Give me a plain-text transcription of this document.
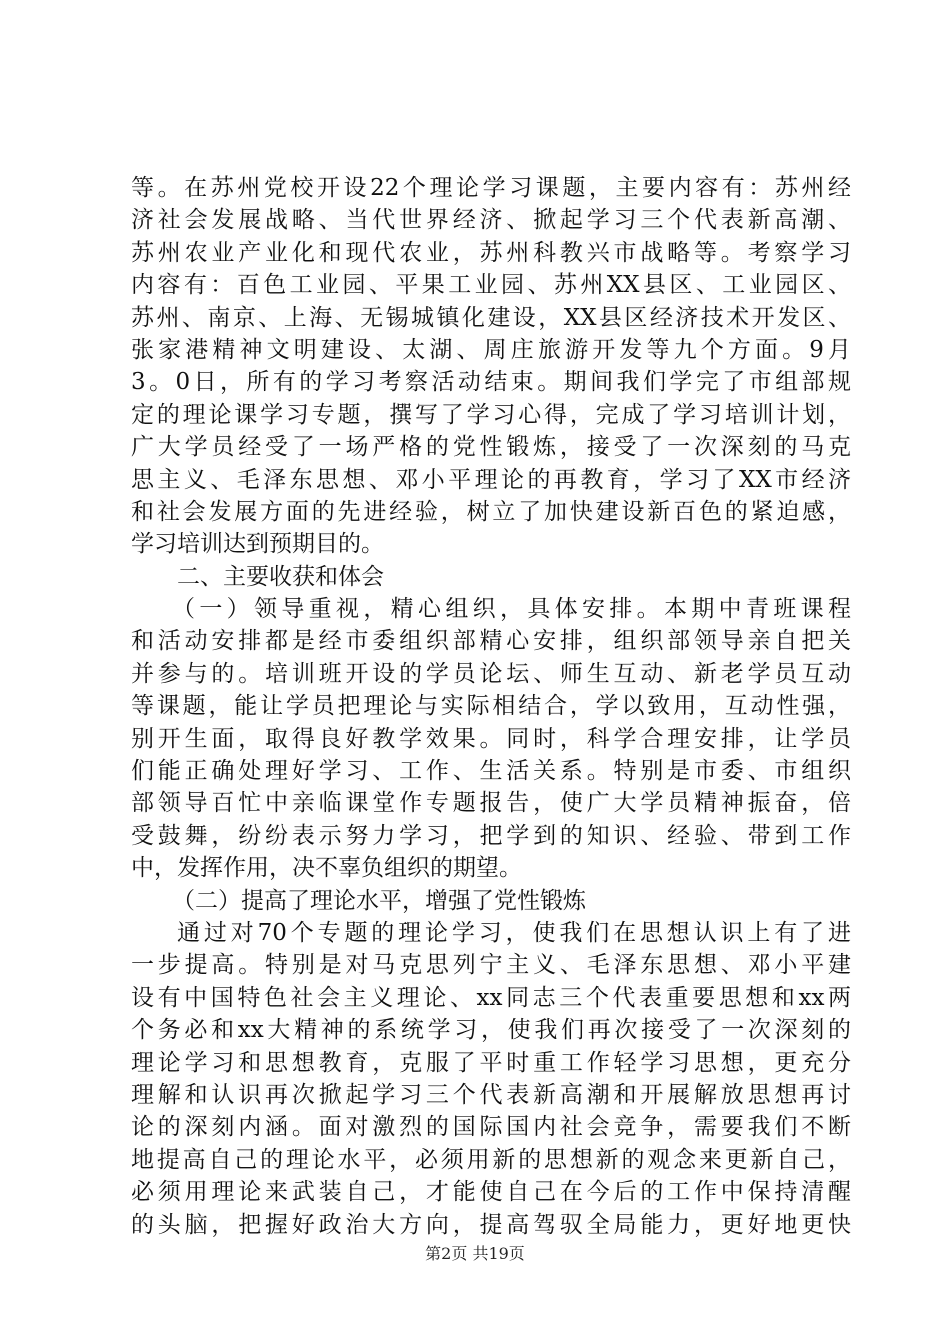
等。在苏州党校开设22个理论学习课题，主要内容有：苏州经
济社会发展战略、当代世界经济、掀起学习三个代表新高潮、
苏州农业产业化和现代农业，苏州科教兴市战略等。考察学习
内容有：百色工业园、平果工业园、苏州XX县区、工业园区、
苏州、南京、上海、无锡城镇化建设，XX县区经济技术开发区、
张家港精神文明建设、太湖、周庄旅游开发等九个方面。9月
3。0日，所有的学习考察活动结束。期间我们学完了市组部规
定的理论课学习专题，撰写了学习心得，完成了学习培训计划，
广大学员经受了一场严格的党性锻炼，接受了一次深刻的马克
思主义、毛泽东思想、邓小平理论的再教育，学习了XX市经济
和社会发展方面的先进经验，树立了加快建设新百色的紧迫感，
学习培训达到预期目的。
二、主要收获和体会
（一）领导重视，精心组织，具体安排。本期中青班课程
和活动安排都是经市委组织部精心安排，组织部领导亲自把关
并参与的。培训班开设的学员论坛、师生互动、新老学员互动
等课题，能让学员把理论与实际相结合，学以致用，互动性强，
别开生面，取得良好教学效果。同时，科学合理安排，让学员
们能正确处理好学习、工作、生活关系。特别是市委、市组织
部领导百忙中亲临课堂作专题报告，使广大学员精神振奋，倍
受鼓舞，纷纷表示努力学习，把学到的知识、经验、带到工作
中，发挥作用，决不辜负组织的期望。
（二）提高了理论水平，增强了党性锻炼
通过对70个专题的理论学习，使我们在思想认识上有了进
一步提高。特别是对马克思列宁主义、毛泽东思想、邓小平建
设有中国特色社会主义理论、xx同志三个代表重要思想和xx两
个务必和xx大精神的系统学习，使我们再次接受了一次深刻的
理论学习和思想教育，克服了平时重工作轻学习思想，更充分
理解和认识再次掀起学习三个代表新高潮和开展解放思想再讨
论的深刻内涵。面对激烈的国际国内社会竞争，需要我们不断
地提高自己的理论水平，必须用新的思想新的观念来更新自己，
必须用理论来武装自己，才能使自己在今后的工作中保持清醒
的头脑，把握好政治大方向，提高驾驭全局能力，更好地更快
第2页 共19页
